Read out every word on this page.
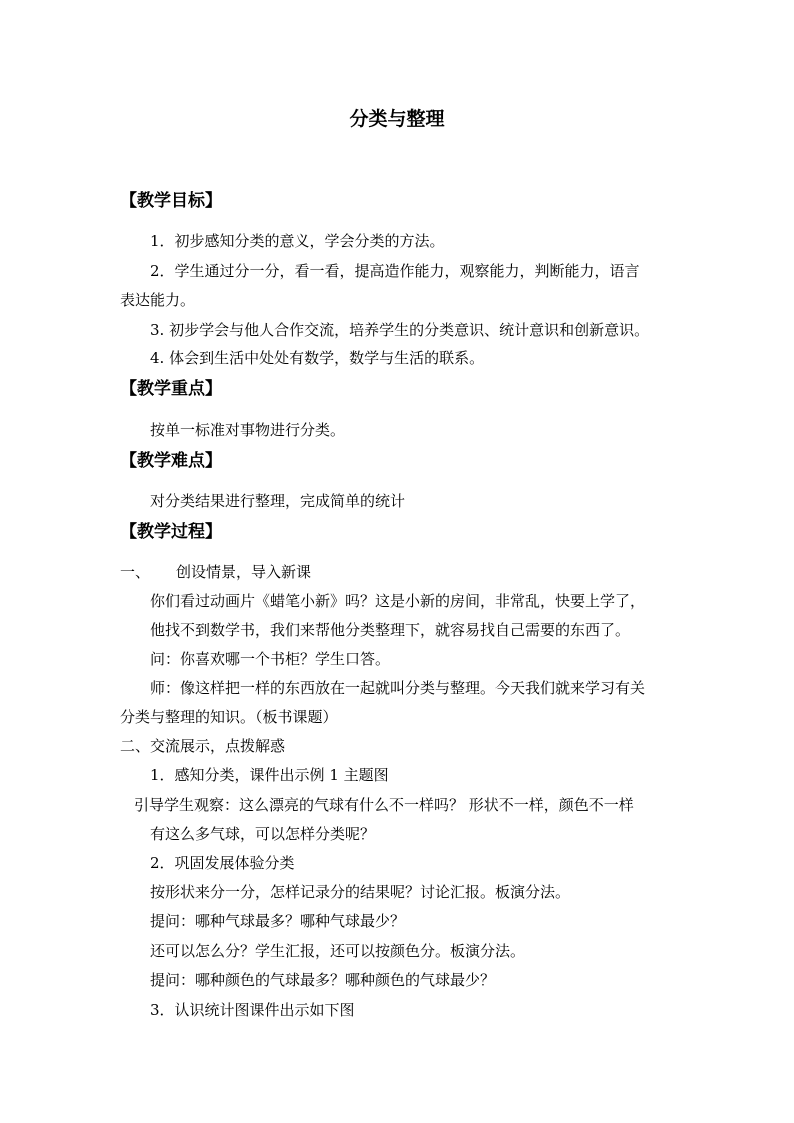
分类与整理
【教学目标】
1．初步感知分类的意义，学会分类的方法。
2．学生通过分一分，看一看，提高造作能力，观察能力，判断能力，语言
表达能力。
3. 初步学会与他人合作交流，培养学生的分类意识、统计意识和创新意识。
4. 体会到生活中处处有数学，数学与生活的联系。
【教学重点】
按单一标准对事物进行分类。
【教学难点】
对分类结果进行整理，完成简单的统计
【教学过程】
一、 创设情景，导入新课
你们看过动画片《蜡笔小新》吗？这是小新的房间，非常乱，快要上学了，
他找不到数学书，我们来帮他分类整理下，就容易找自己需要的东西了。
问：你喜欢哪一个书柜？学生口答。
师：像这样把一样的东西放在一起就叫分类与整理。今天我们就来学习有关
分类与整理的知识。（板书课题）
二、交流展示，点拨解惑
1．感知分类，课件出示例 1 主题图
引导学生观察：这么漂亮的气球有什么不一样吗？ 形状不一样，颜色不一样
有这么多气球，可以怎样分类呢？
2．巩固发展体验分类
按形状来分一分，怎样记录分的结果呢？讨论汇报。板演分法。
提问：哪种气球最多？哪种气球最少？
还可以怎么分？学生汇报，还可以按颜色分。板演分法。
提问：哪种颜色的气球最多？哪种颜色的气球最少？
3．认识统计图课件出示如下图
